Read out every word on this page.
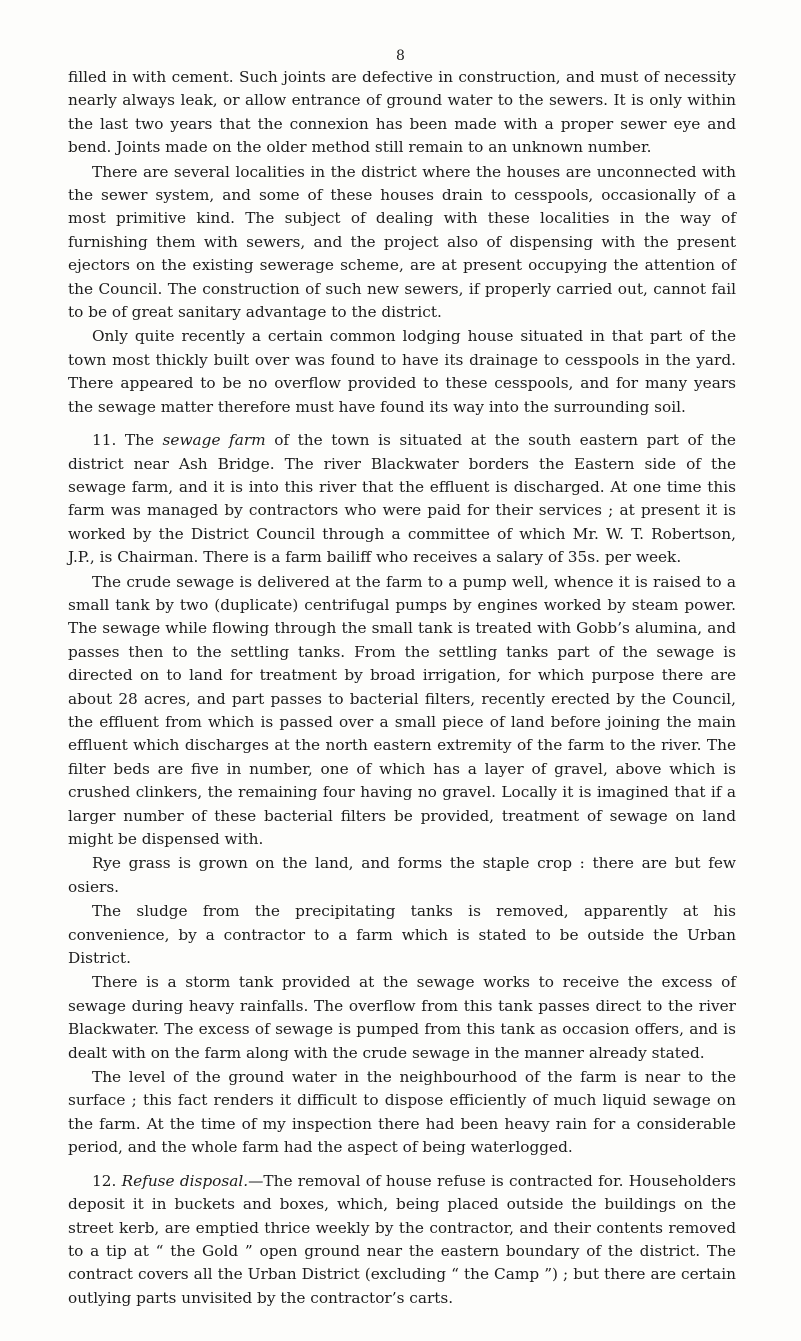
8

filled in with cement. Such joints are defective in construction, and must of necessity nearly always leak, or allow entrance of ground water to the sewers. It is only within the last two years that the connexion has been made with a proper sewer eye and bend. Joints made on the older method still remain to an unknown number.

There are several localities in the district where the houses are unconnected with the sewer system, and some of these houses drain to cesspools, occasionally of a most primitive kind. The subject of dealing with these localities in the way of furnishing them with sewers, and the project also of dispensing with the present ejectors on the existing sewerage scheme, are at present occupying the attention of the Council. The construction of such new sewers, if properly carried out, cannot fail to be of great sanitary advantage to the district.

Only quite recently a certain common lodging house situated in that part of the town most thickly built over was found to have its drainage to cesspools in the yard. There appeared to be no overflow provided to these cesspools, and for many years the sewage matter therefore must have found its way into the surrounding soil.

11. The sewage farm of the town is situated at the south eastern part of the district near Ash Bridge. The river Blackwater borders the Eastern side of the sewage farm, and it is into this river that the effluent is discharged. At one time this farm was managed by contractors who were paid for their services ; at present it is worked by the District Council through a committee of which Mr. W. T. Robertson, J.P., is Chairman. There is a farm bailiff who receives a salary of 35s. per week.

The crude sewage is delivered at the farm to a pump well, whence it is raised to a small tank by two (duplicate) centrifugal pumps by engines worked by steam power. The sewage while flowing through the small tank is treated with Gobb’s alumina, and passes then to the settling tanks. From the settling tanks part of the sewage is directed on to land for treatment by broad irrigation, for which purpose there are about 28 acres, and part passes to bacterial filters, recently erected by the Council, the effluent from which is passed over a small piece of land before joining the main effluent which discharges at the north eastern extremity of the farm to the river. The filter beds are five in number, one of which has a layer of gravel, above which is crushed clinkers, the remaining four having no gravel. Locally it is imagined that if a larger number of these bacterial filters be provided, treatment of sewage on land might be dispensed with.

Rye grass is grown on the land, and forms the staple crop : there are but few osiers.

The sludge from the precipitating tanks is removed, apparently at his convenience, by a contractor to a farm which is stated to be outside the Urban District.

There is a storm tank provided at the sewage works to receive the excess of sewage during heavy rainfalls. The overflow from this tank passes direct to the river Blackwater. The excess of sewage is pumped from this tank as occasion offers, and is dealt with on the farm along with the crude sewage in the manner already stated.

The level of the ground water in the neighbourhood of the farm is near to the surface ; this fact renders it difficult to dispose efficiently of much liquid sewage on the farm. At the time of my inspection there had been heavy rain for a considerable period, and the whole farm had the aspect of being waterlogged.

12. Refuse disposal.—The removal of house refuse is contracted for. Householders deposit it in buckets and boxes, which, being placed outside the buildings on the street kerb, are emptied thrice weekly by the contractor, and their contents removed to a tip at “ the Gold ” open ground near the eastern boundary of the district. The contract covers all the Urban District (excluding “ the Camp ”) ; but there are certain outlying parts unvisited by the contractor’s carts.
